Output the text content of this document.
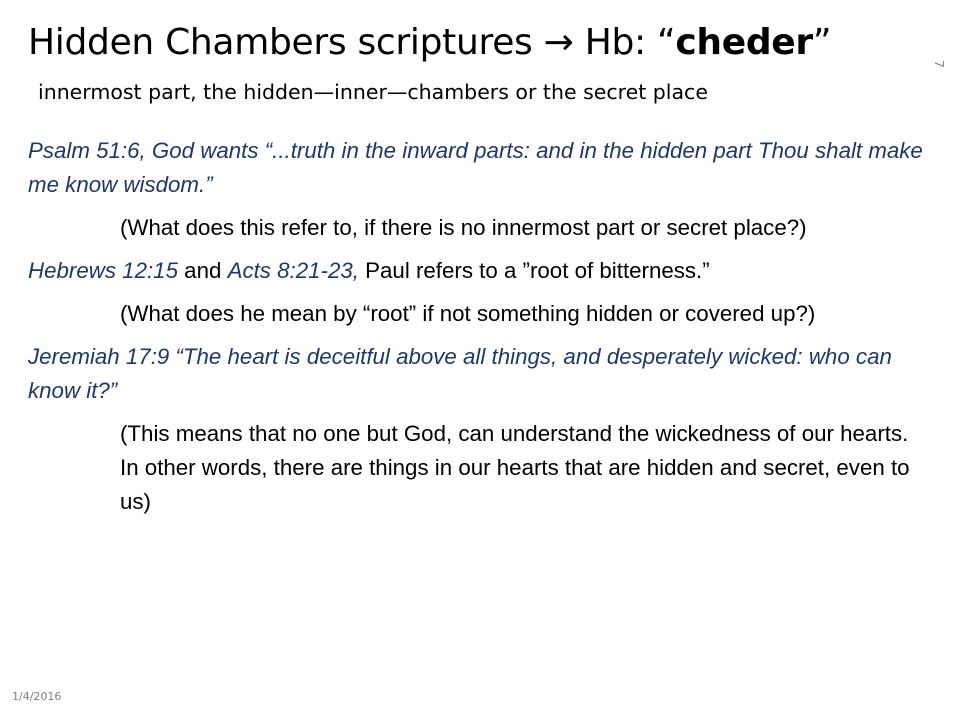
Hidden Chambers scriptures → Hb: “cheder”
innermost part, the hidden—inner—chambers or the secret place
7

Psalm 51:6, God wants “...truth in the inward parts: and in the hidden part Thou shalt make me know wisdom.”

(What does this refer to, if there is no innermost part or secret place?)

Hebrews 12:15 and Acts 8:21-23, Paul refers to a ”root of bitterness.”

(What does he mean by “root” if not something hidden or covered up?)

Jeremiah 17:9 “The heart is deceitful above all things, and desperately wicked: who can know it?”

(This means that no one but God, can understand the wickedness of our hearts. In other words, there are things in our hearts that are hidden and secret, even to us)

1/4/2016
